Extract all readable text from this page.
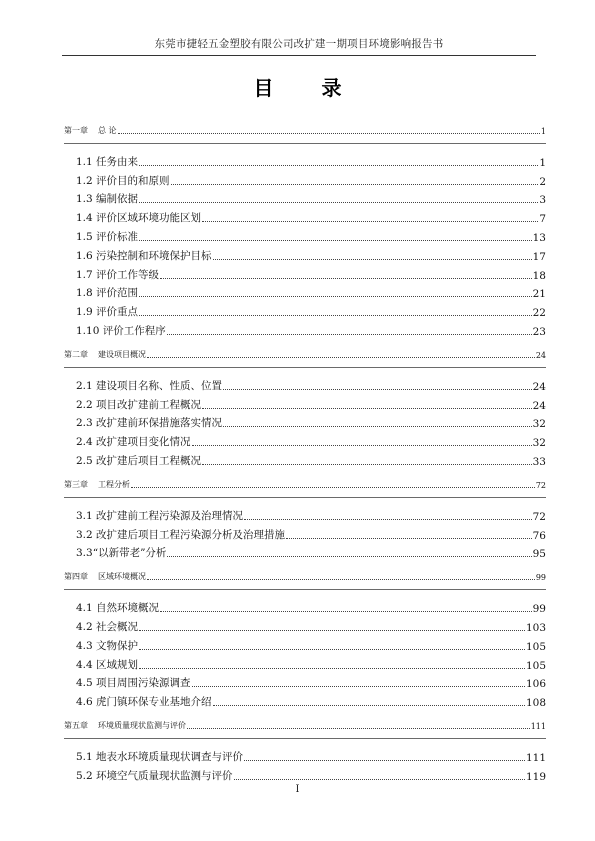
东莞市捷轻五金塑胶有限公司改扩建一期项目环境影响报告书
目录
第一章 总 论	1
1.1 任务由来	1
1.2 评价目的和原则	2
1.3 编制依据	3
1.4 评价区域环境功能区划	7
1.5 评价标准	13
1.6 污染控制和环境保护目标	17
1.7 评价工作等级	18
1.8 评价范围	21
1.9 评价重点	22
1.10 评价工作程序	23
第二章 建设项目概况	24
2.1 建设项目名称、性质、位置	24
2.2 项目改扩建前工程概况	24
2.3 改扩建前环保措施落实情况	32
2.4 改扩建项目变化情况	32
2.5 改扩建后项目工程概况	33
第三章 工程分析	72
3.1 改扩建前工程污染源及治理情况	72
3.2 改扩建后项目工程污染源分析及治理措施	76
3.3“以新带老”分析	95
第四章 区域环境概况	99
4.1 自然环境概况	99
4.2 社会概况	103
4.3 文物保护	105
4.4 区域规划	105
4.5 项目周围污染源调查	106
4.6 虎门镇环保专业基地介绍	108
第五章 环境质量现状监测与评价	111
5.1 地表水环境质量现状调查与评价	111
5.2 环境空气质量现状监测与评价	119
I
